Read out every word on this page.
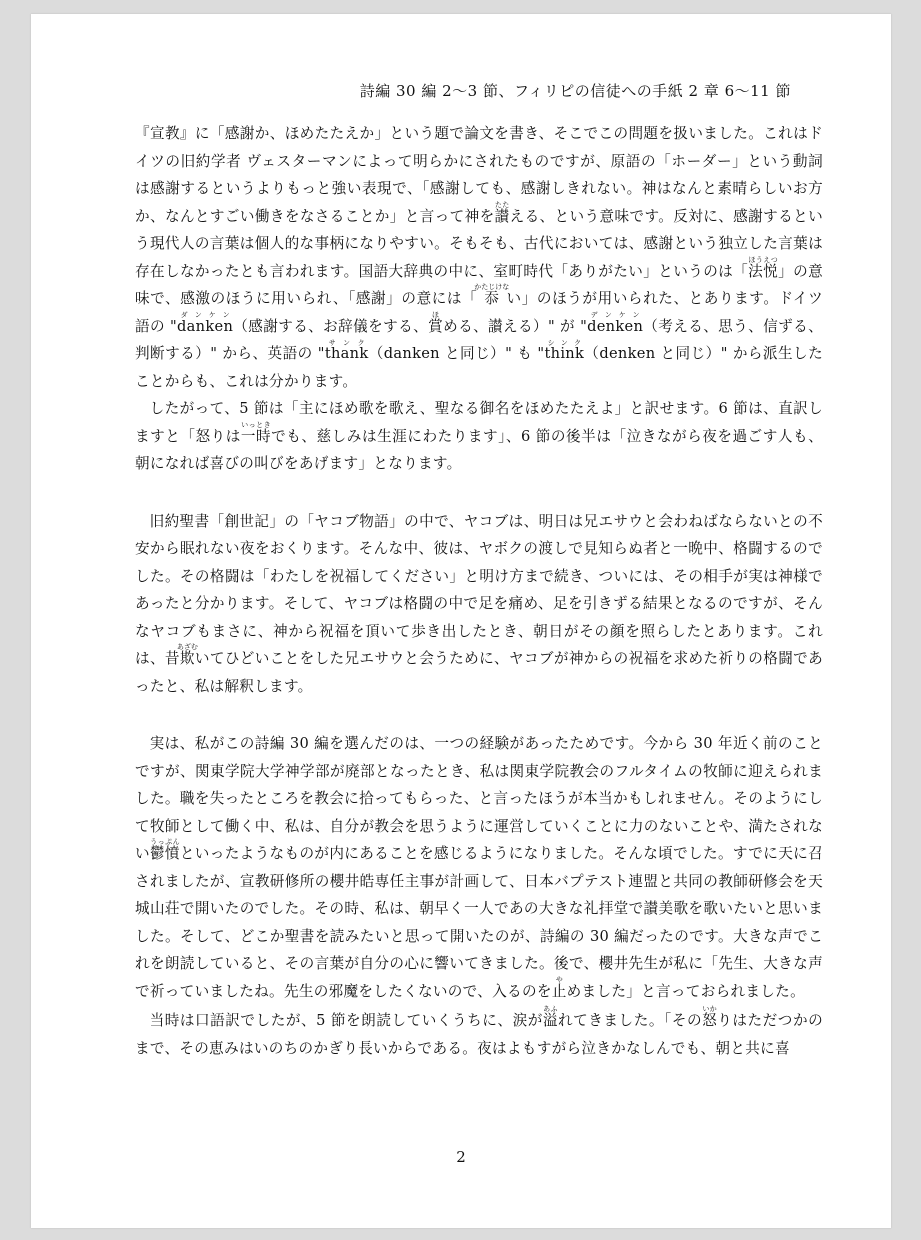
詩編 30 編 2〜3 節、フィリピの信徒への手紙 2 章 6〜11 節

『宣教』に「感謝か、ほめたたえか」という題で論文を書き、そこでこの問題を扱いました。これはドイツの旧約学者 ヴェスターマンによって明らかにされたものですが、原語の「ホーダー」という動詞は感謝するというよりもっと強い表現で、「感謝しても、感謝しきれない。神はなんと素晴らしいお方か、なんとすごい働きをなさることか」と言って神を讃たたえる、という意味です。反対に、感謝するという現代人の言葉は個人的な事柄になりやすい。そもそも、古代においては、感謝という独立した言葉は存在しなかったとも言われます。国語大辞典の中に、室町時代「ありがたい」というのは「法悦ほうえつ」の意味で、感激のほうに用いられ、「感謝」の意には「忝かたじけない」のほうが用いられた、とあります。ドイツ語の "dankenダンケン（感謝する、お辞儀をする、賞ほめる、讃える）" が "denkenデンケン（考える、思う、信ずる、判断する）" から、英語の "thankサンク（danken と同じ）" も "thinkシンク（denken と同じ）" から派生したことからも、これは分かります。

したがって、5 節は「主にほめ歌を歌え、聖なる御名をほめたたえよ」と訳せます。6 節は、直訳しますと「怒りは一時いっときでも、慈しみは生涯にわたります」、6 節の後半は「泣きながら夜を過ごす人も、朝になれば喜びの叫びをあげます」となります。

旧約聖書「創世記」の「ヤコブ物語」の中で、ヤコブは、明日は兄エサウと会わねばならないとの不安から眠れない夜をおくります。そんな中、彼は、ヤボクの渡しで見知らぬ者と一晩中、格闘するのでした。その格闘は「わたしを祝福してください」と明け方まで続き、ついには、その相手が実は神様であったと分かります。そして、ヤコブは格闘の中で足を痛め、足を引きずる結果となるのですが、そんなヤコブもまさに、神から祝福を頂いて歩き出したとき、朝日がその顔を照らしたとあります。これは、昔欺あざむいてひどいことをした兄エサウと会うために、ヤコブが神からの祝福を求めた祈りの格闘であったと、私は解釈します。

実は、私がこの詩編 30 編を選んだのは、一つの経験があったためです。今から 30 年近く前のことですが、関東学院大学神学部が廃部となったとき、私は関東学院教会のフルタイムの牧師に迎えられました。職を失ったところを教会に拾ってもらった、と言ったほうが本当かもしれません。そのようにして牧師として働く中、私は、自分が教会を思うように運営していくことに力のないことや、満たされない鬱憤うっぷんといったようなものが内にあることを感じるようになりました。そんな頃でした。すでに天に召されましたが、宣教研修所の櫻井皓専任主事が計画して、日本バプテスト連盟と共同の教師研修会を天城山荘で開いたのでした。その時、私は、朝早く一人であの大きな礼拝堂で讃美歌を歌いたいと思いました。そして、どこか聖書を読みたいと思って開いたのが、詩編の 30 編だったのです。大きな声でこれを朗読していると、その言葉が自分の心に響いてきました。後で、櫻井先生が私に「先生、大きな声で祈っていましたね。先生の邪魔をしたくないので、入るのを止やめました」と言っておられました。

当時は口語訳でしたが、5 節を朗読していくうちに、涙が溢あふれてきました。「その怒いかりはただつかのまで、その恵みはいのちのかぎり長いからである。夜はよもすがら泣きかなしんでも、朝と共に喜

2
